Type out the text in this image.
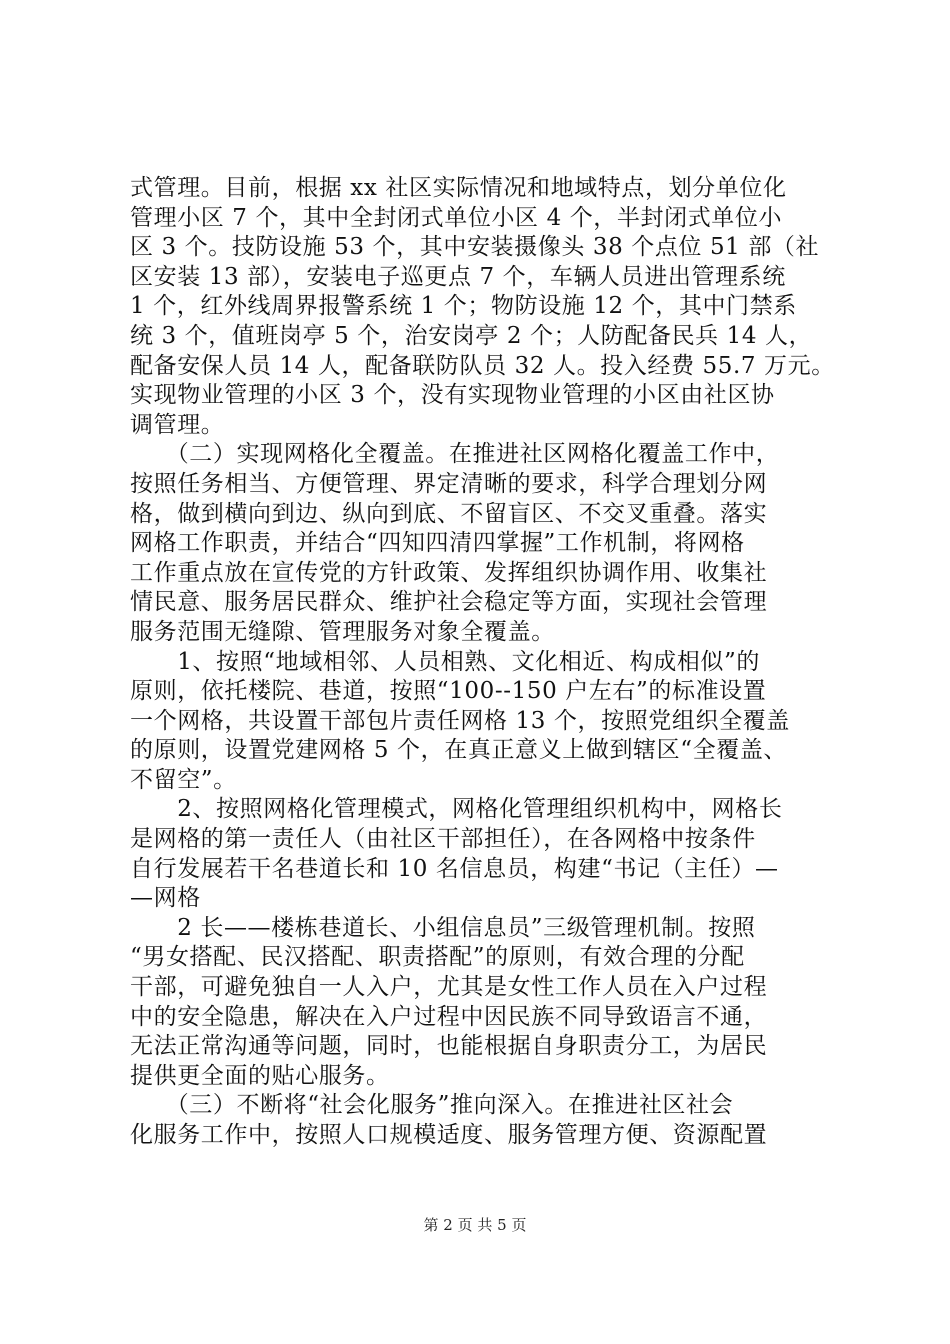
式管理。目前，根据 xx 社区实际情况和地域特点，划分单位化
管理小区 7 个，其中全封闭式单位小区 4 个，半封闭式单位小
区 3 个。技防设施 53 个，其中安装摄像头 38 个点位 51 部（社
区安装 13 部），安装电子巡更点 7 个，车辆人员进出管理系统
1 个，红外线周界报警系统 1 个；物防设施 12 个，其中门禁系
统 3 个，值班岗亭 5 个，治安岗亭 2 个；人防配备民兵 14 人，
配备安保人员 14 人，配备联防队员 32 人。投入经费 55.7 万元。
实现物业管理的小区 3 个，没有实现物业管理的小区由社区协
调管理。
　　（二）实现网格化全覆盖。在推进社区网格化覆盖工作中，
按照任务相当、方便管理、界定清晰的要求，科学合理划分网
格，做到横向到边、纵向到底、不留盲区、不交叉重叠。落实
网格工作职责，并结合“四知四清四掌握”工作机制，将网格
工作重点放在宣传党的方针政策、发挥组织协调作用、收集社
情民意、服务居民群众、维护社会稳定等方面，实现社会管理
服务范围无缝隙、管理服务对象全覆盖。
　　1、按照“地域相邻、人员相熟、文化相近、构成相似”的
原则，依托楼院、巷道，按照“100--150 户左右”的标准设置
一个网格，共设置干部包片责任网格 13 个，按照党组织全覆盖
的原则，设置党建网格 5 个，在真正意义上做到辖区“全覆盖、
不留空”。
　　2、按照网格化管理模式，网格化管理组织机构中，网格长
是网格的第一责任人（由社区干部担任），在各网格中按条件
自行发展若干名巷道长和 10 名信息员，构建“书记（主任）—
—网格
　　2 长——楼栋巷道长、小组信息员”三级管理机制。按照
“男女搭配、民汉搭配、职责搭配”的原则，有效合理的分配
干部，可避免独自一人入户，尤其是女性工作人员在入户过程
中的安全隐患，解决在入户过程中因民族不同导致语言不通，
无法正常沟通等问题，同时，也能根据自身职责分工，为居民
提供更全面的贴心服务。
　　（三）不断将“社会化服务”推向深入。在推进社区社会
化服务工作中，按照人口规模适度、服务管理方便、资源配置
第 2 页 共 5 页
